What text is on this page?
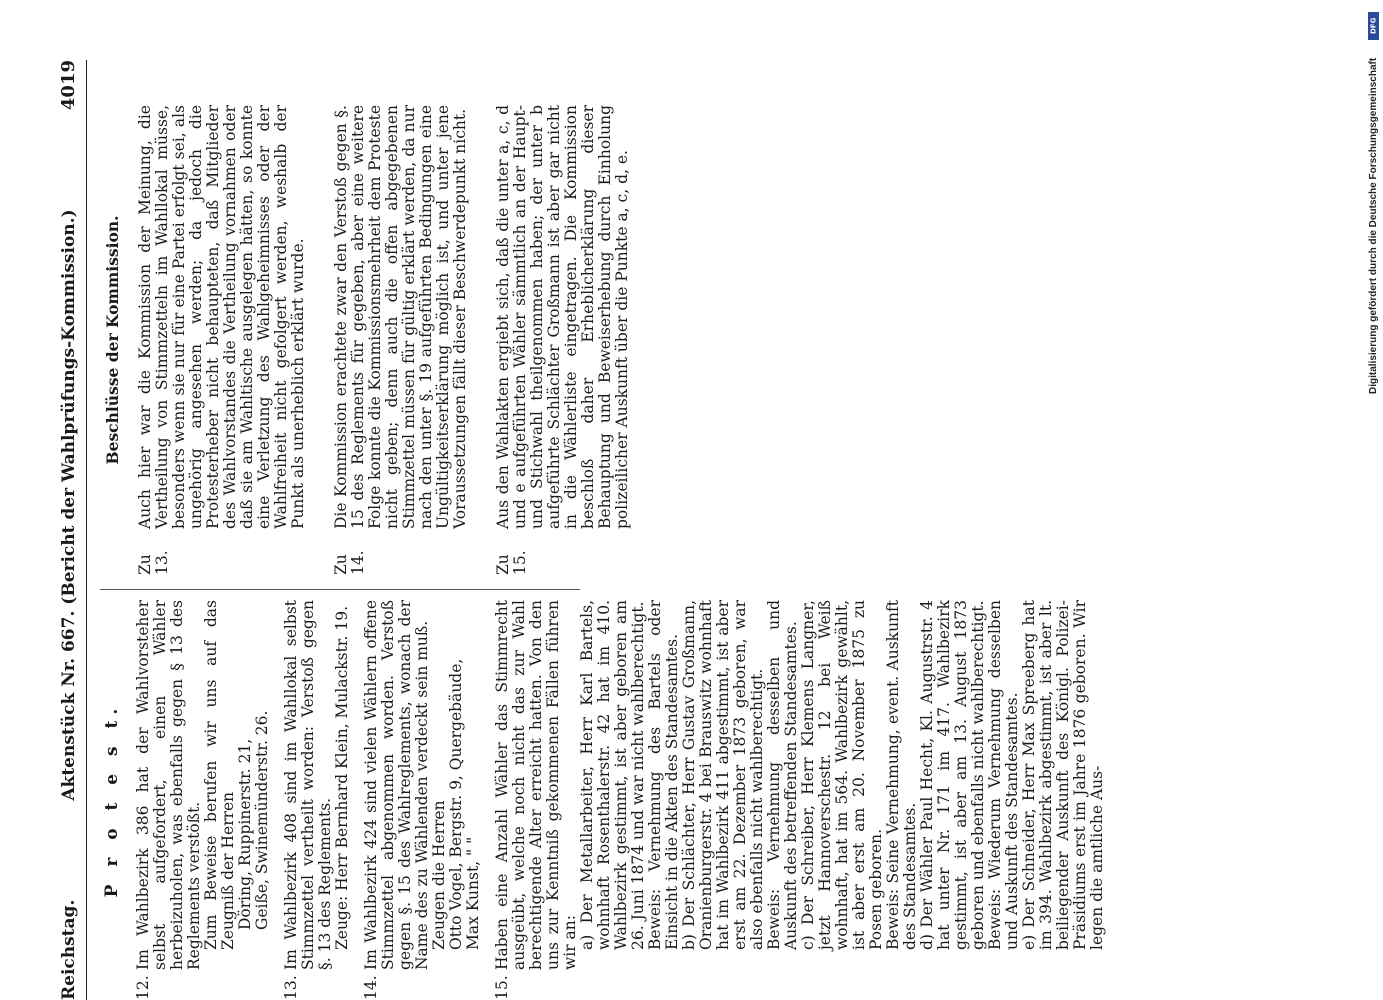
Reichstag.
Aktenstück Nr. 667. (Bericht der Wahlprüfungs-Kommission.)
4019
P r o t e s t.
12.

Im Wahlbezirk 386 hat der Wahlvorsteher selbst aufgefordert, einen Wähler herbeizuholen, was ebenfalls gegen § 13 des Reglements verstößt. Zum Beweise berufen wir uns auf das Zeugniß der Herren Döring, Ruppinerstr. 21, Geiße, Swinemünderstr. 26.

13.

Im Wahlbezirk 408 sind im Wahllokal selbst Stimmzettel vertheilt worden: Verstoß gegen §. 13 des Reglements. Zeuge: Herr Bernhard Klein, Mulackstr. 19.

14.

Im Wahlbezirk 424 sind vielen Wählern offene Stimmzettel abgenommen worden. Verstoß gegen §. 15 des Wahlreglements, wonach der Name des zu Wählenden verdeckt sein muß. Zeugen die Herren Otto Vogel, Bergstr. 9, Quergebäude, Max Kunst, " "

15.

Haben eine Anzahl Wähler das Stimmrecht ausgeübt, welche noch nicht das zur Wahl berechtigende Alter erreicht hatten. Von den uns zur Kenntniß gekommenen Fällen führen wir an: a) Der Metallarbeiter, Herr Karl Bartels, wohnhaft Rosenthalerstr. 42 hat im 410. Wahlbezirk gestimmt, ist aber geboren am 26. Juni 1874 und war nicht wahlberechtigt. Beweis: Vernehmung des Bartels oder Einsicht in die Akten des Standesamtes. b) Der Schlächter, Herr Gustav Großmann, Oranienburgerstr. 4 bei Brauswitz wohnhaft hat im Wahlbezirk 411 abgestimmt, ist aber erst am 22. Dezember 1873 geboren, war also ebenfalls nicht wahlberechtigt. Beweis: Vernehmung desselben und Auskunft des betreffenden Standesamtes. c) Der Schreiber, Herr Klemens Langner, jetzt Hannoverschestr. 12 bei Weiß wohnhaft, hat im 564. Wahlbezirk gewählt, ist aber erst am 20. November 1875 zu Posen geboren. Beweis: Seine Vernehmung, event. Auskunft des Standesamtes. d) Der Wähler Paul Hecht, Kl. Augustrstr. 4 hat unter Nr. 171 im 417. Wahlbezirk gestimmt, ist aber am 13. August 1873 geboren und ebenfalls nicht wahlberechtigt. Beweis: Wiederum Vernehmung desselben und Auskunft des Standesamtes. e) Der Schneider, Herr Max Spreeberg hat im 394. Wahlbezirk abgestimmt, ist aber lt. beiliegender Auskunft des Königl. Polizei-Präsidiums erst im Jahre 1876 geboren. Wir legen die amtliche Aus-

Beschlüsse der Kommission.
Zu 13.

Auch hier war die Kommission der Meinung, die Vertheilung von Stimmzetteln im Wahllokal müsse, besonders wenn sie nur für eine Partei erfolgt sei, als ungehörig angesehen werden; da jedoch die Protesterheber nicht behaupteten, daß Mitglieder des Wahlvorstandes die Vertheilung vornahmen oder daß sie am Wahltische ausgelegen hätten, so konnte eine Verletzung des Wahlgeheimnisses oder der Wahlfreiheit nicht gefolgert werden, weshalb der Punkt als unerheblich erklärt wurde.

Zu 14.

Die Kommission erachtete zwar den Verstoß gegen §. 15 des Reglements für gegeben, aber eine weitere Folge konnte die Kommissionsmehrheit dem Proteste nicht geben; denn auch die offen abgegebenen Stimmzettel müssen für gültig erklärt werden, da nur nach den unter §. 19 aufgeführten Bedingungen eine Ungültigkeitserklärung möglich ist, und unter jene Voraussetzungen fällt dieser Beschwerdepunkt nicht.

Zu 15.

Aus den Wahlakten ergiebt sich, daß die unter a, c, d und e aufgeführten Wähler sämmtlich an der Haupt- und Stichwahl theilgenommen haben; der unter b aufgeführte Schlächter Großmann ist aber gar nicht in die Wählerliste eingetragen. Die Kommission beschloß daher Erheblicherklärung dieser Behauptung und Beweiserhebung durch Einholung polizeilicher Auskunft über die Punkte a, c, d, e.

DFG
Digitalisierung gefördert durch die Deutsche Forschungsgemeinschaft
